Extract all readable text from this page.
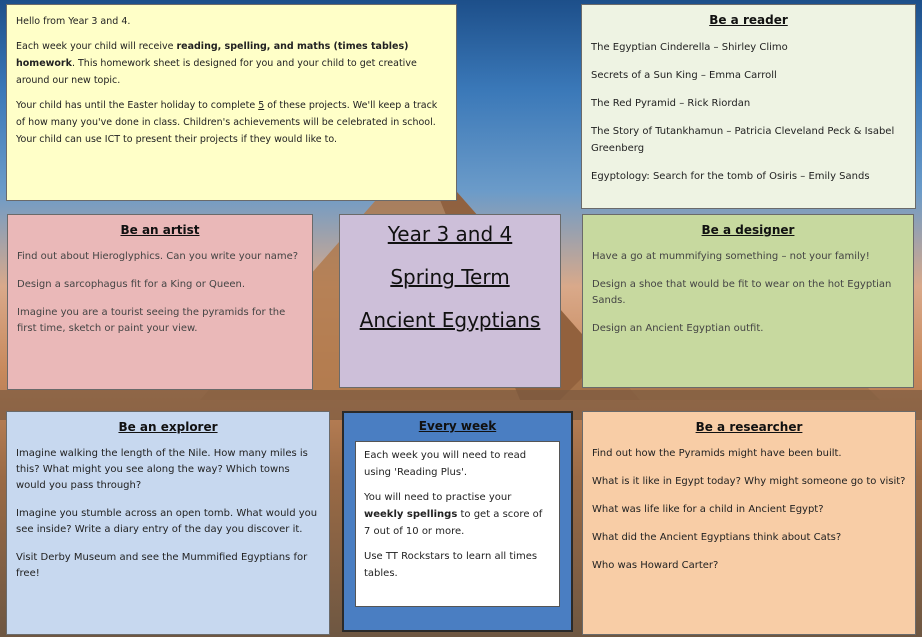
Hello from Year 3 and 4.

Each week your child will receive reading, spelling, and maths (times tables) homework. This homework sheet is designed for you and your child to get creative around our new topic.

Your child has until the Easter holiday to complete 5 of these projects. We'll keep a track of how many you've done in class. Children's achievements will be celebrated in school. Your child can use ICT to present their projects if they would like to.

Be a reader

The Egyptian Cinderella – Shirley Climo

Secrets of a Sun King – Emma Carroll

The Red Pyramid – Rick Riordan

The Story of Tutankhamun – Patricia Cleveland Peck & Isabel Greenberg

Egyptology: Search for the tomb of Osiris – Emily Sands

Be an artist

Find out about Hieroglyphics. Can you write your name?

Design a sarcophagus fit for a King or Queen.

Imagine you are a tourist seeing the pyramids for the first time, sketch or paint your view.

Year 3 and 4
Spring Term
Ancient Egyptians
Be a designer

Have a go at mummifying something – not your family!

Design a shoe that would be fit to wear on the hot Egyptian Sands.

Design an Ancient Egyptian outfit.

Be an explorer

Imagine walking the length of the Nile. How many miles is this? What might you see along the way? Which towns would you pass through?

Imagine you stumble across an open tomb. What would you see inside? Write a diary entry of the day you discover it.

Visit Derby Museum and see the Mummified Egyptians for free!

Every week

Each week you will need to read using 'Reading Plus'.

You will need to practise your weekly spellings to get a score of 7 out of 10 or more.

Use TT Rockstars to learn all times tables.

Be a researcher

Find out how the Pyramids might have been built.

What is it like in Egypt today? Why might someone go to visit?

What was life like for a child in Ancient Egypt?

What did the Ancient Egyptians think about Cats?

Who was Howard Carter?
